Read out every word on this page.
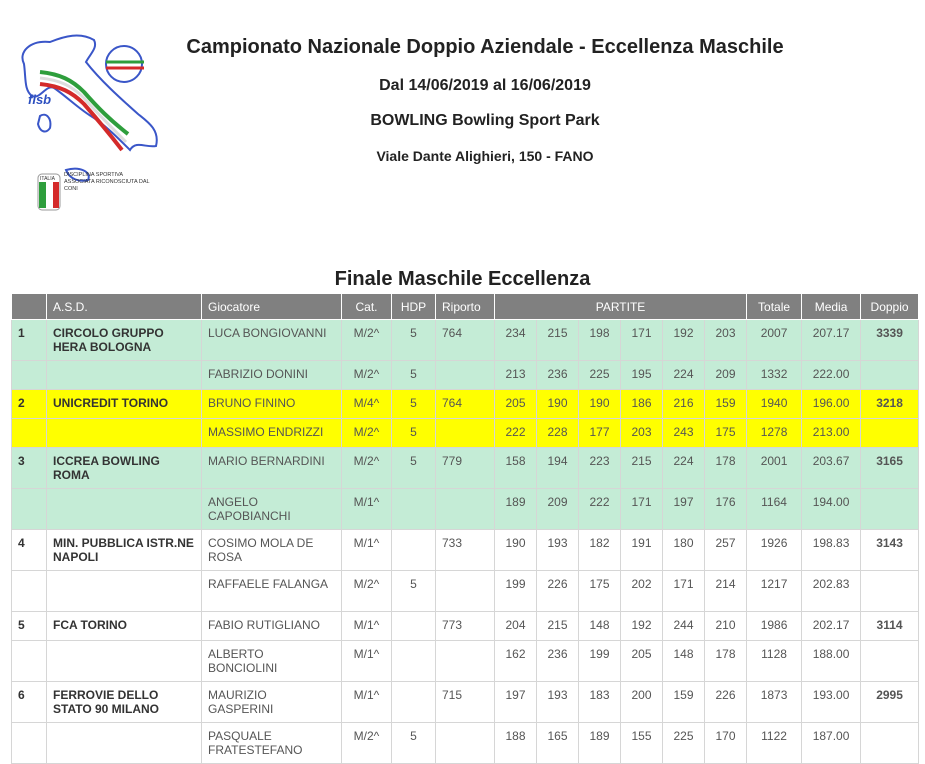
fisb
ITALIA
DISCIPLINA SPORTIVA ASSOCIATA RICONOSCIUTA DAL CONI
Campionato Nazionale Doppio Aziendale - Eccellenza Maschile
Dal 14/06/2019 al 16/06/2019
BOWLING Bowling Sport Park
Viale Dante Alighieri, 150 - FANO
Finale Maschile Eccellenza
	A.S.D.	Giocatore	Cat.	HDP	Riporto	PARTITE						Totale	Media	Doppio
1	CIRCOLO GRUPPO HERA BOLOGNA	LUCA BONGIOVANNI	M/2^	5	764	234	215	198	171	192	203	2007	207.17	3339
		FABRIZIO DONINI	M/2^	5		213	236	225	195	224	209	1332	222.00	
2	UNICREDIT TORINO	BRUNO FININO	M/4^	5	764	205	190	190	186	216	159	1940	196.00	3218
		MASSIMO ENDRIZZI	M/2^	5		222	228	177	203	243	175	1278	213.00	
3	ICCREA BOWLING ROMA	MARIO BERNARDINI	M/2^	5	779	158	194	223	215	224	178	2001	203.67	3165
		ANGELO CAPOBIANCHI	M/1^			189	209	222	171	197	176	1164	194.00	
4	MIN. PUBBLICA ISTR.NE NAPOLI	COSIMO MOLA DE ROSA	M/1^		733	190	193	182	191	180	257	1926	198.83	3143
		RAFFAELE FALANGA	M/2^	5		199	226	175	202	171	214	1217	202.83	
5	FCA TORINO	FABIO RUTIGLIANO	M/1^		773	204	215	148	192	244	210	1986	202.17	3114
		ALBERTO BONCIOLINI	M/1^			162	236	199	205	148	178	1128	188.00	
6	FERROVIE DELLO STATO 90 MILANO	MAURIZIO GASPERINI	M/1^		715	197	193	183	200	159	226	1873	193.00	2995
		PASQUALE FRATESTEFANO	M/2^	5		188	165	189	155	225	170	1122	187.00	
